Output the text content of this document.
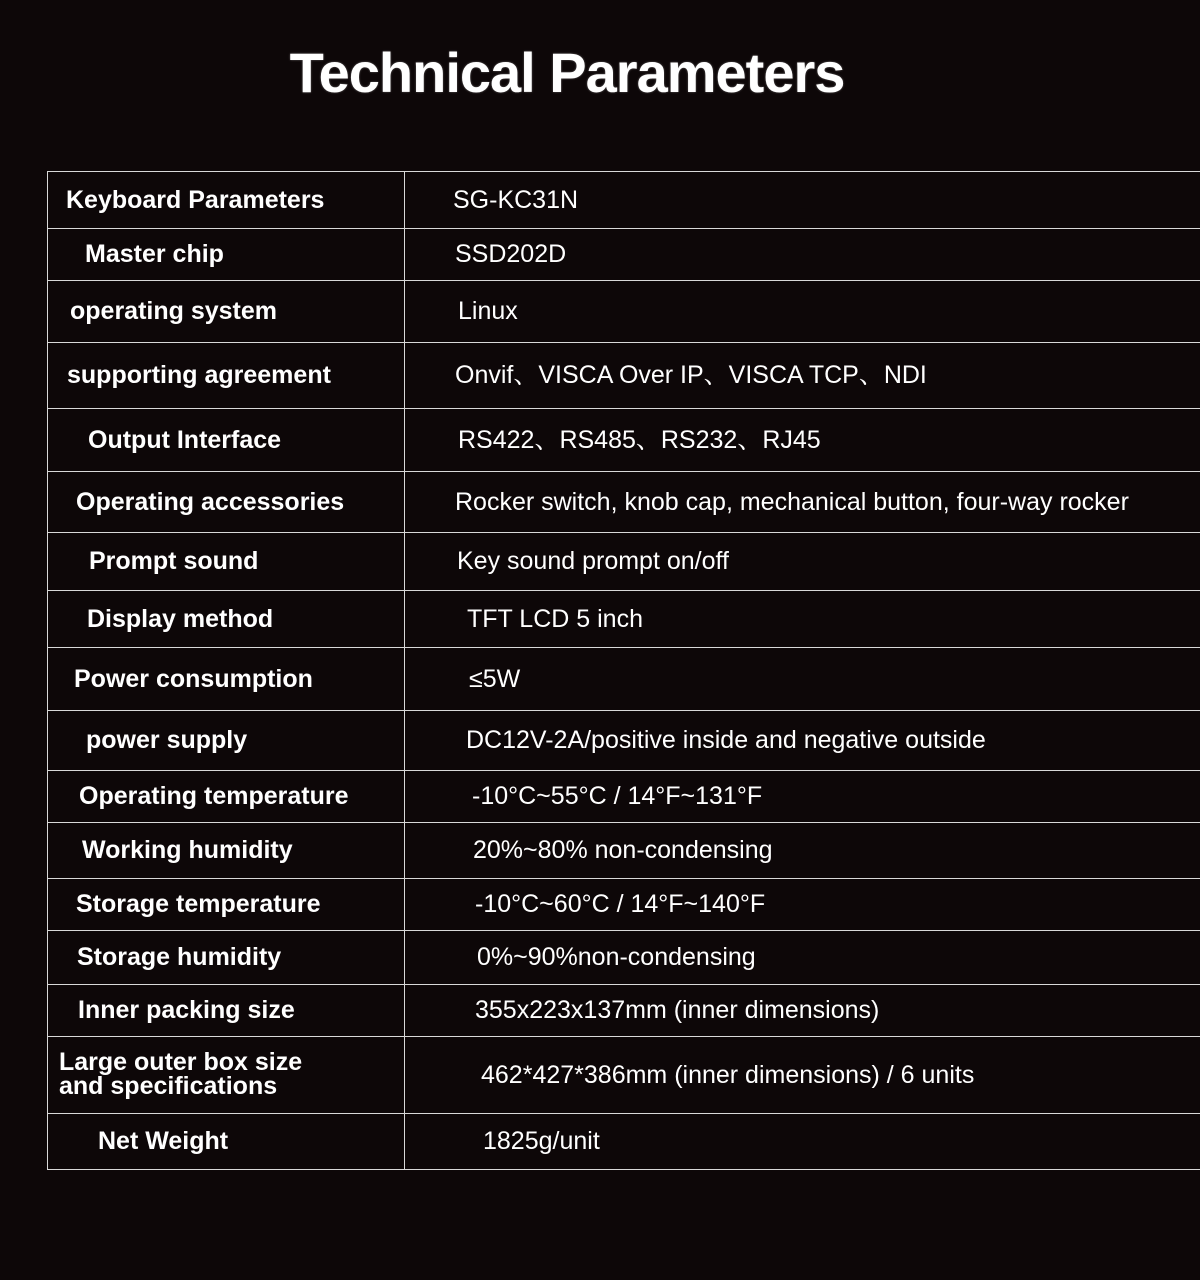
Technical Parameters
Keyboard Parameters	SG-KC31N
Master chip	SSD202D
operating system	Linux
supporting agreement	Onvif、VISCA Over IP、VISCA TCP、NDI
Output Interface	RS422、RS485、RS232、RJ45
Operating accessories	Rocker switch, knob cap, mechanical button, four-way rocker
Prompt sound	Key sound prompt on/off
Display method	TFT LCD 5 inch
Power consumption	≤5W
power supply	DC12V-2A/positive inside and negative outside
Operating temperature	-10°C~55°C / 14°F~131°F
Working humidity	20%~80% non-condensing
Storage temperature	-10°C~60°C / 14°F~140°F
Storage humidity	0%~90%non-condensing
Inner packing size	355x223x137mm (inner dimensions)
Large outer box size and specifications	462*427*386mm (inner dimensions) / 6 units
Net Weight	1825g/unit
